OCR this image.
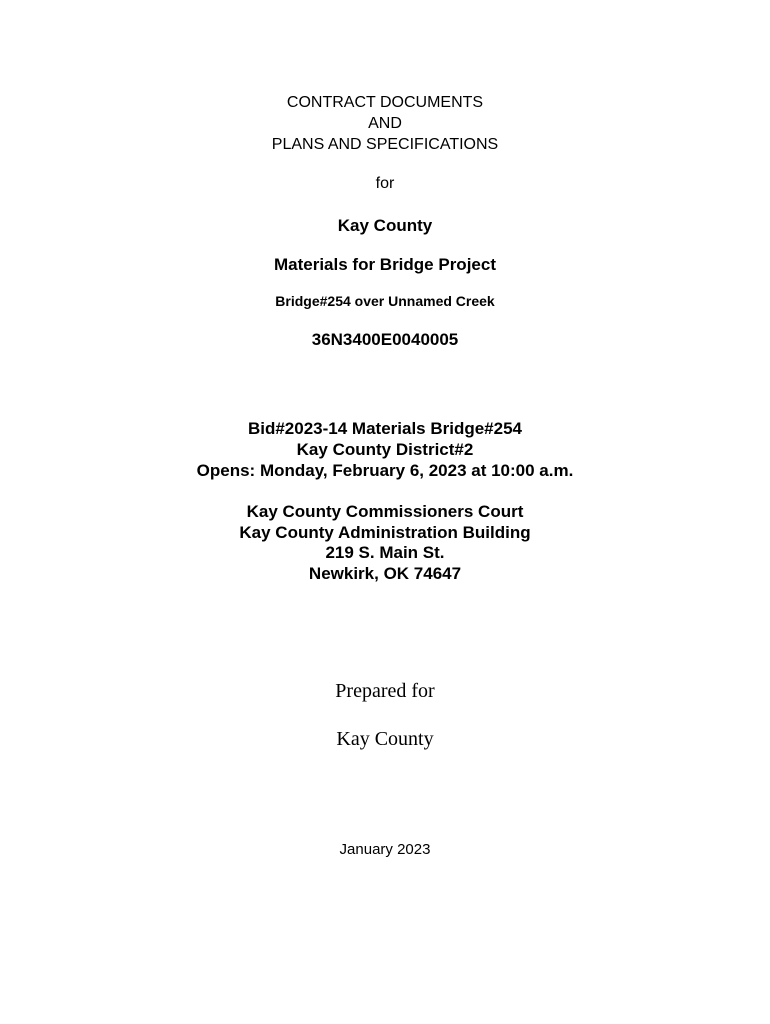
CONTRACT DOCUMENTS
AND
PLANS AND SPECIFICATIONS
for
Kay County
Materials for Bridge Project
Bridge#254 over Unnamed Creek
36N3400E0040005
Bid#2023-14 Materials Bridge#254
Kay County District#2
Opens: Monday, February 6, 2023 at 10:00 a.m.
Kay County Commissioners Court
Kay County Administration Building
219 S. Main St.
Newkirk, OK 74647
Prepared for
Kay County
January 2023
